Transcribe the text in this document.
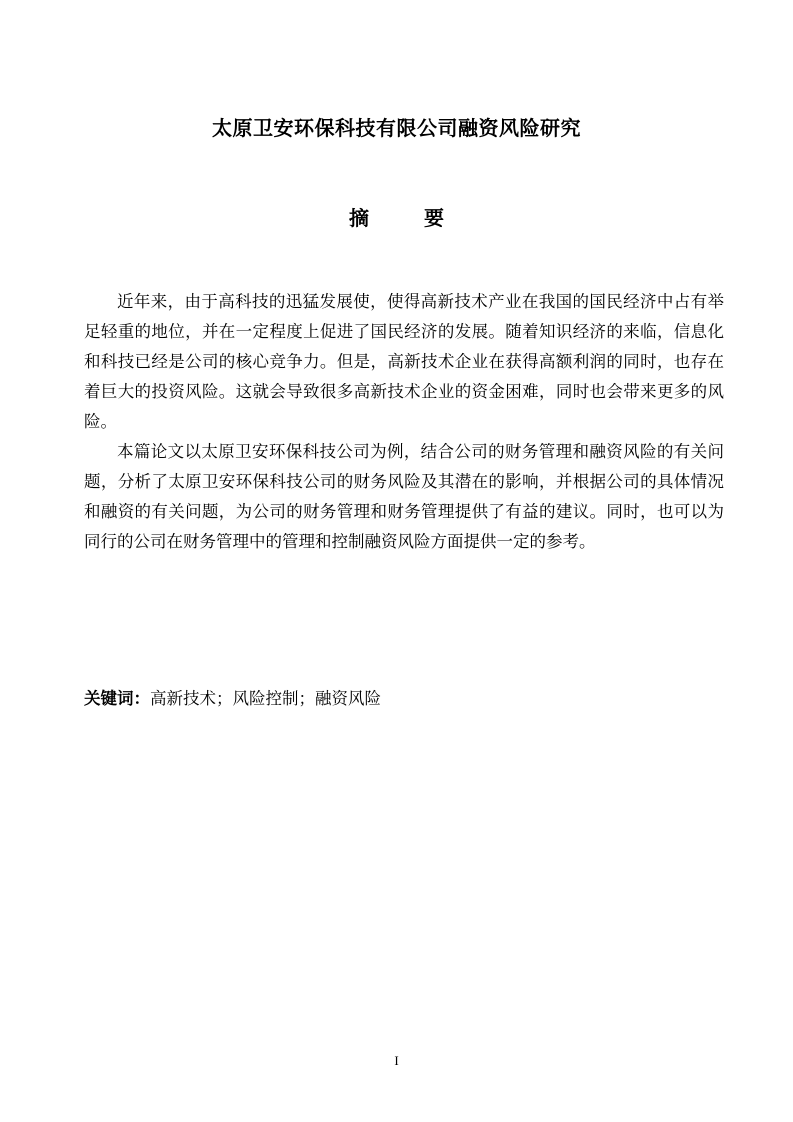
太原卫安环保科技有限公司融资风险研究
摘 要

近年来，由于高科技的迅猛发展使，使得高新技术产业在我国的国民经济中占有举足轻重的地位，并在一定程度上促进了国民经济的发展。随着知识经济的来临，信息化和科技已经是公司的核心竞争力。但是，高新技术企业在获得高额利润的同时，也存在着巨大的投资风险。这就会导致很多高新技术企业的资金困难，同时也会带来更多的风险。

本篇论文以太原卫安环保科技公司为例，结合公司的财务管理和融资风险的有关问题，分析了太原卫安环保科技公司的财务风险及其潜在的影响，并根据公司的具体情况和融资的有关问题，为公司的财务管理和财务管理提供了有益的建议。同时，也可以为同行的公司在财务管理中的管理和控制融资风险方面提供一定的参考。

关键词：高新技术；风险控制；融资风险
I
